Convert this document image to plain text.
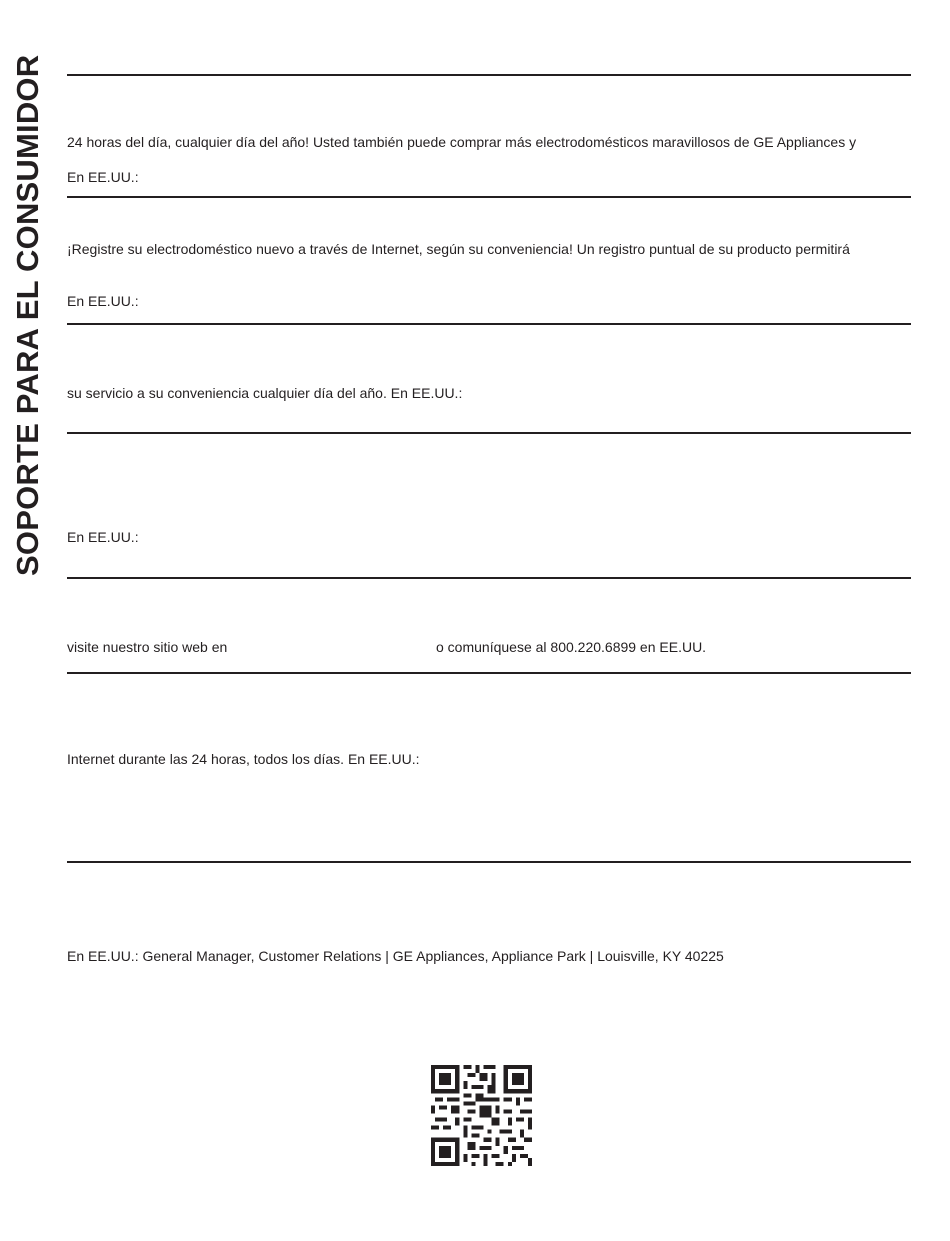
SOPORTE PARA EL CONSUMIDOR 24 horas del día, cualquier día del año! Usted también puede comprar más electrodomésticos maravillosos de GE Appliances y
En EE.UU.:
¡Registre su electrodoméstico nuevo a través de Internet, según su conveniencia! Un registro puntual de su producto permitirá
En EE.UU.:
su servicio a su conveniencia cualquier día del año. En EE.UU.:
En EE.UU.:
visite nuestro sitio web en	o comuníquese al 800.220.6899 en EE.UU.
Internet durante las 24 horas, todos los días. En EE.UU.:
En EE.UU.: General Manager, Customer Relations | GE Appliances, Appliance Park | Louisville, KY 40225
